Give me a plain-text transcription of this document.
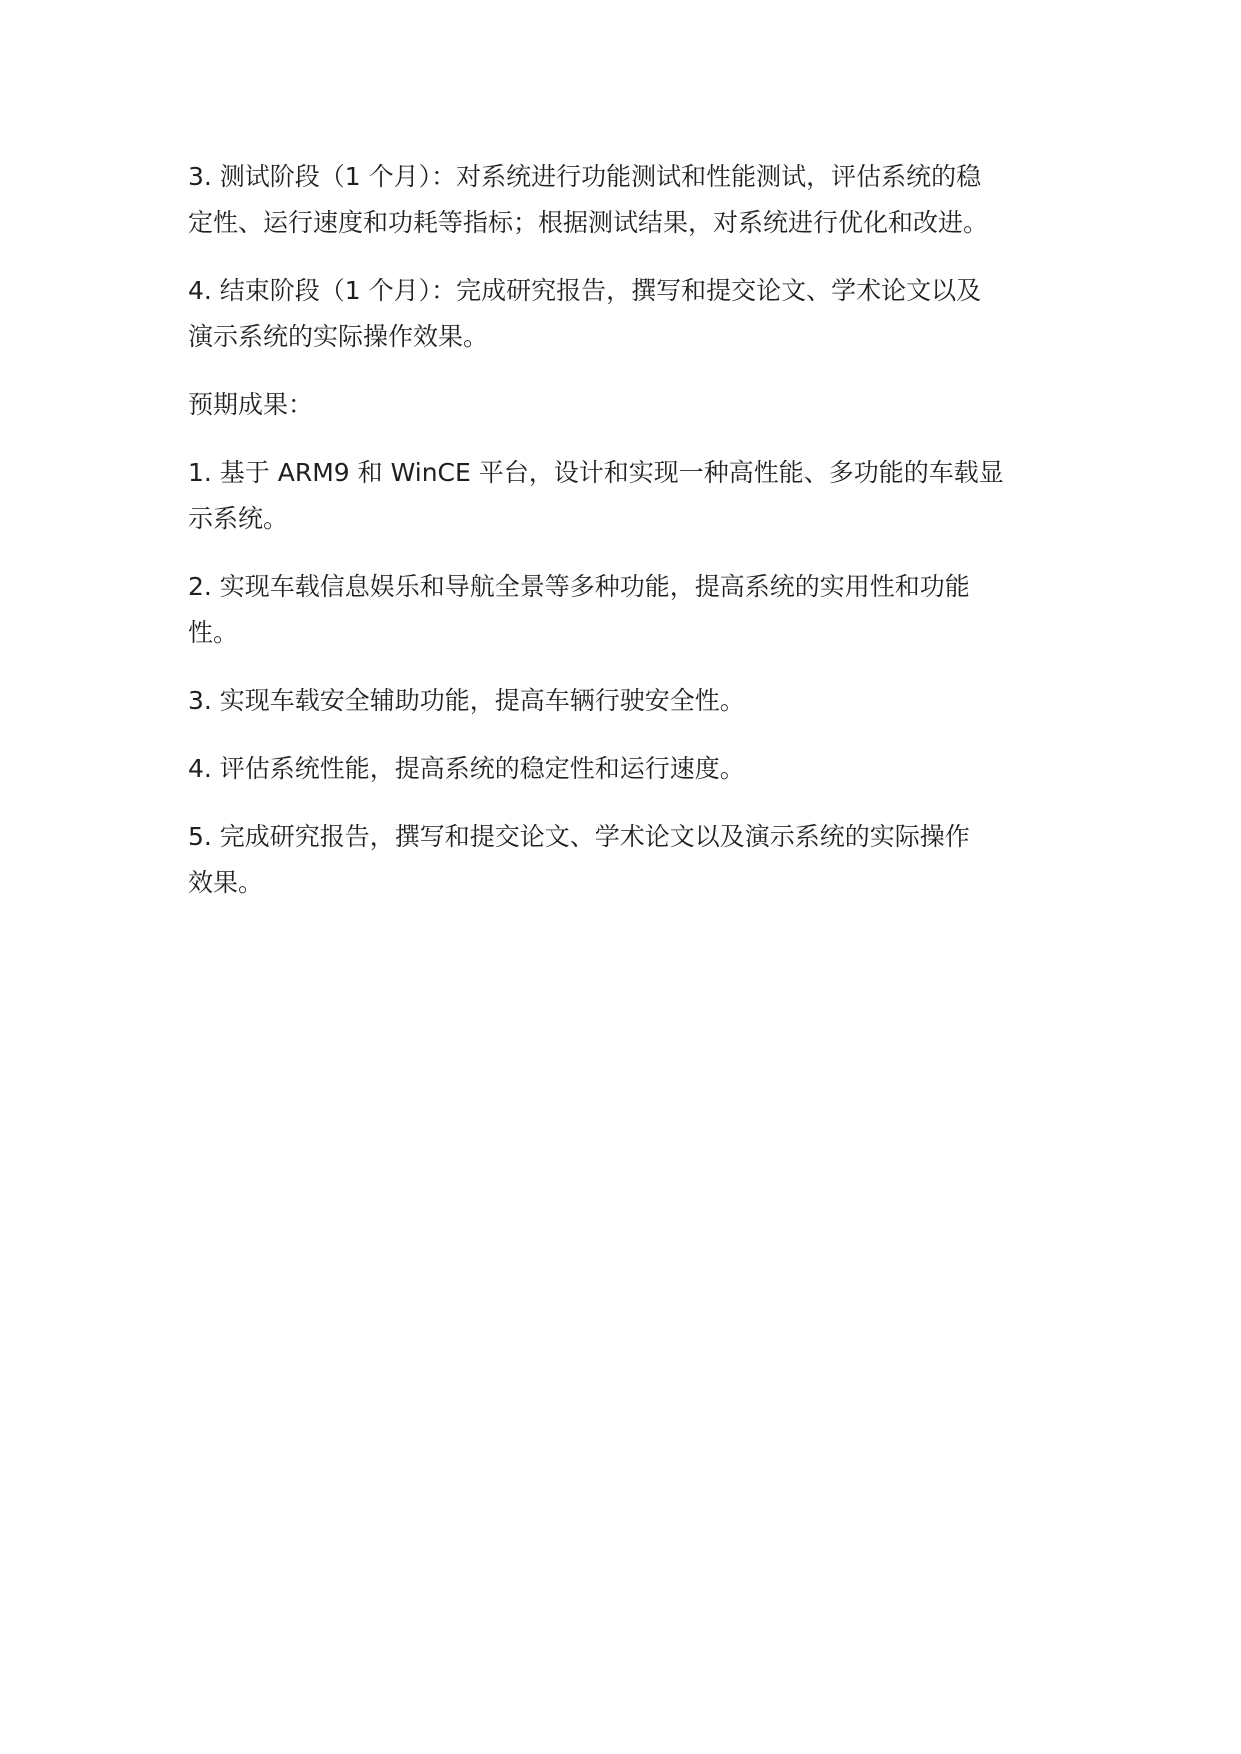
3. 测试阶段（1 个月）：对系统进行功能测试和性能测试，评估系统的稳
定性、运行速度和功耗等指标；根据测试结果，对系统进行优化和改进。

4. 结束阶段（1 个月）：完成研究报告，撰写和提交论文、学术论文以及
演示系统的实际操作效果。

预期成果：

1. 基于 ARM9 和 WinCE 平台，设计和实现一种高性能、多功能的车载显
示系统。

2. 实现车载信息娱乐和导航全景等多种功能，提高系统的实用性和功能
性。

3. 实现车载安全辅助功能，提高车辆行驶安全性。

4. 评估系统性能，提高系统的稳定性和运行速度。

5. 完成研究报告，撰写和提交论文、学术论文以及演示系统的实际操作
效果。
